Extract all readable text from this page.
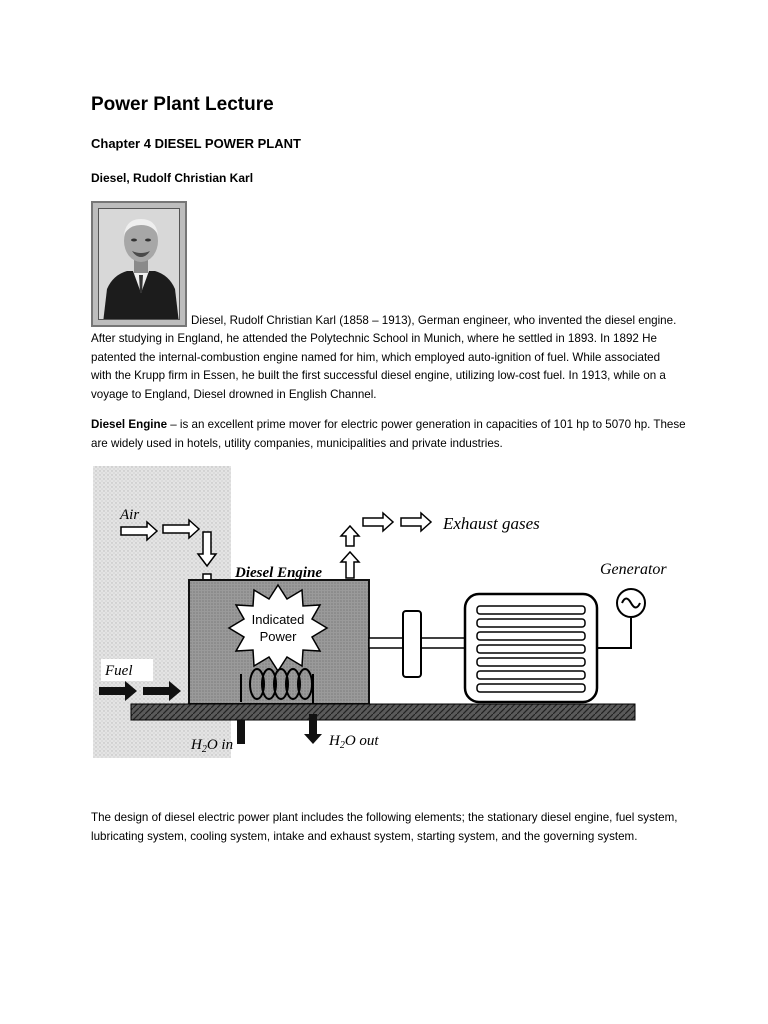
Power Plant Lecture
Chapter 4 DIESEL POWER PLANT
Diesel, Rudolf Christian Karl
Diesel, Rudolf Christian Karl (1858 – 1913), German engineer, who invented the diesel engine.
After studying in England, he attended the Polytechnic School in Munich, where he settled in 1893. In 1892 He
patented the internal-combustion engine named for him, which employed auto-ignition of fuel. While associated
with the Krupp firm in Essen, he built the first successful diesel engine, utilizing low-cost fuel. In 1913, while on a
voyage to England, Diesel drowned in English Channel.
Diesel Engine – is an excellent prime mover for electric power generation in capacities of 101 hp to 5070 hp. These
are widely used in hotels, utility companies, municipalities and private industries.
Air
Fuel
Diesel Engine
Indicated
Power
$H_2O$ in	$H_2O$ out
Exhaust gases
Generator
The design of diesel electric power plant includes the following elements; the stationary diesel engine, fuel system,
lubricating system, cooling system, intake and exhaust system, starting system, and the governing system.
